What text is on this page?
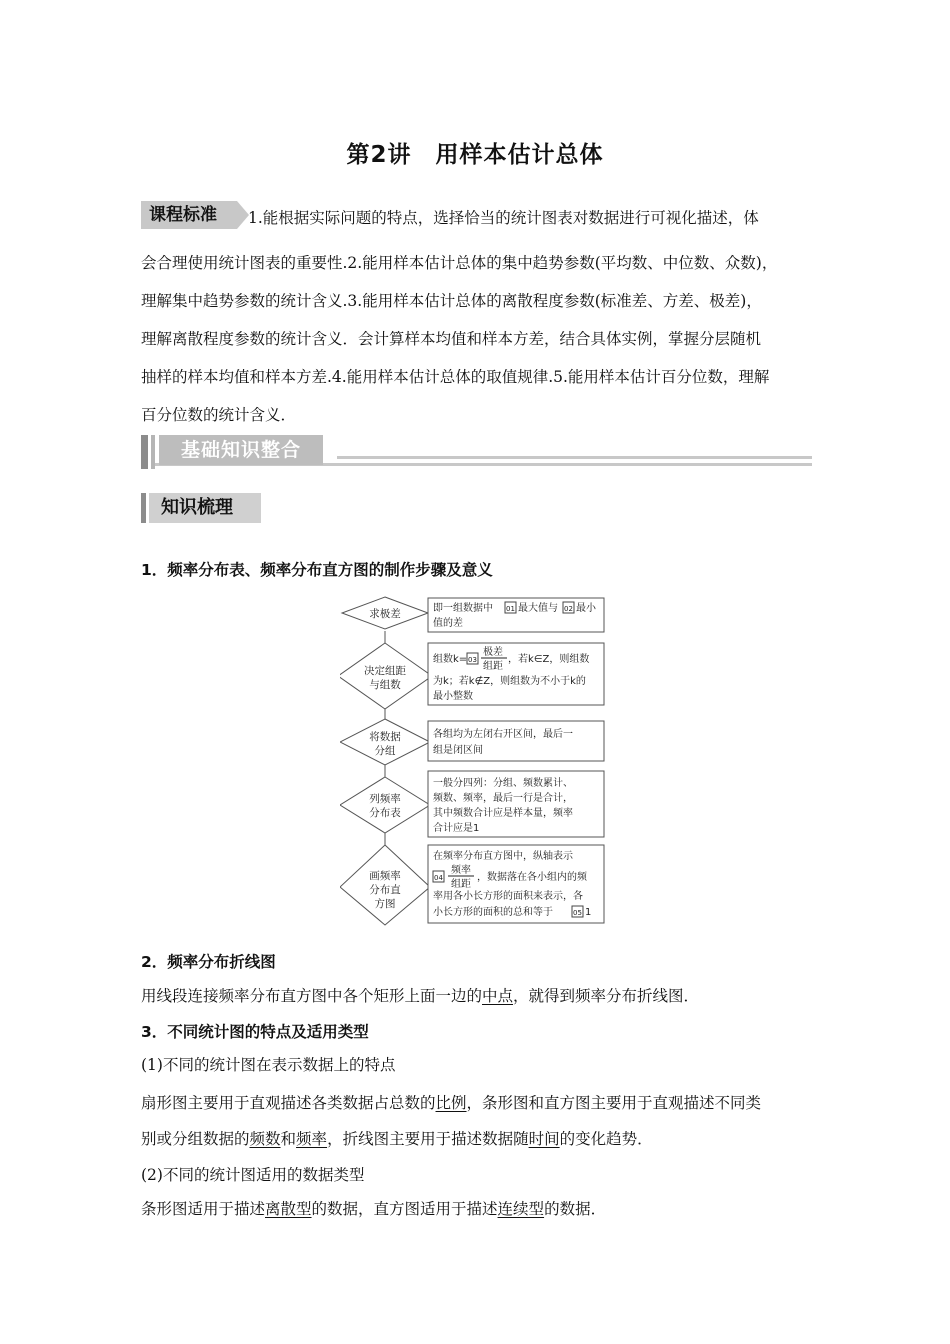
第2讲　用样本估计总体
课程标准	1.能根据实际问题的特点，选择恰当的统计图表对数据进行可视化描述，体

会合理使用统计图表的重要性.2.能用样本估计总体的集中趋势参数(平均数、中位数、众数)，

理解集中趋势参数的统计含义.3.能用样本估计总体的离散程度参数(标准差、方差、极差)，

理解离散程度参数的统计含义．会计算样本均值和样本方差，结合具体实例，掌握分层随机

抽样的样本均值和样本方差.4.能用样本估计总体的取值规律.5.能用样本估计百分位数，理解

百分位数的统计含义．

基础知识整合
知识梳理
1．频率分布表、频率分布直方图的制作步骤及意义
求极差
决定组距
与组数
将数据
分组
列频率
分布表
画频率
分布直
方图
即一组数据中 01 最大值与 02 最小
值的差
组数k= 03
极差
组距
，若k∈Z，则组数
为k；若k∉Z，则组数为不小于k的
最小整数
各组均为左闭右开区间，最后一
组是闭区间
一般分四列：分组、频数累计、
频数、频率，最后一行是合计，
其中频数合计应是样本量，频率
合计应是1
在频率分布直方图中，纵轴表示
04
频率
组距
，数据落在各小组内的频
率用各小长方形的面积来表示，各
小长方形的面积的总和等于	05 1
2．频率分布折线图
用线段连接频率分布直方图中各个矩形上面一边的中点，就得到频率分布折线图．
3．不同统计图的特点及适用类型
(1)不同的统计图在表示数据上的特点
扇形图主要用于直观描述各类数据占总数的比例，条形图和直方图主要用于直观描述不同类
别或分组数据的频数和频率，折线图主要用于描述数据随时间的变化趋势．
(2)不同的统计图适用的数据类型
条形图适用于描述离散型的数据，直方图适用于描述连续型的数据．
